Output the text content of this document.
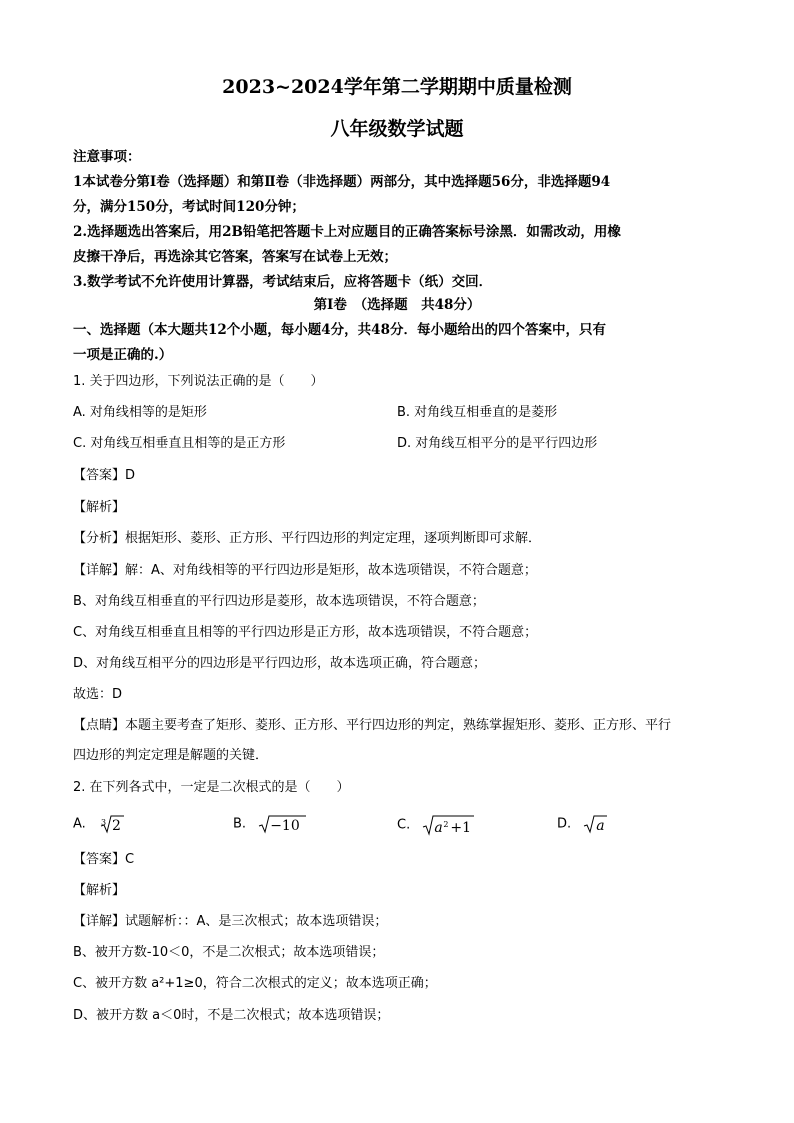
2023~2024学年第二学期期中质量检测
八年级数学试题
注意事项：
1本试卷分第Ⅰ卷（选择题）和第Ⅱ卷（非选择题）两部分，其中选择题56分，非选择题94
分，满分150分，考试时间120分钟；
2.选择题选出答案后，用2B铅笔把答题卡上对应题目的正确答案标号涂黑．如需改动，用橡
皮擦干净后，再选涂其它答案，答案写在试卷上无效；
3.数学考试不允许使用计算器，考试结束后，应将答题卡（纸）交回．
第Ⅰ卷　（选择题　共48分）
一、选择题（本大题共12个小题，每小题4分，共48分．每小题给出的四个答案中，只有
一项是正确的.）
1. 关于四边形，下列说法正确的是（　　）
A. 对角线相等的是矩形	B. 对角线互相垂直的是菱形
C. 对角线互相垂直且相等的是正方形	D. 对角线互相平分的是平行四边形
【答案】D
【解析】
【分析】根据矩形、菱形、正方形、平行四边形的判定定理，逐项判断即可求解．
【详解】解：A、对角线相等的平行四边形是矩形，故本选项错误，不符合题意；
B、对角线互相垂直的平行四边形是菱形，故本选项错误，不符合题意；
C、对角线互相垂直且相等的平行四边形是正方形，故本选项错误，不符合题意；
D、对角线互相平分的四边形是平行四边形，故本选项正确，符合题意；
故选：D
【点睛】本题主要考查了矩形、菱形、正方形、平行四边形的判定，熟练掌握矩形、菱形、正方形、平行
四边形的判定定理是解题的关键．
2. 在下列各式中，一定是二次根式的是（　　）
A. 3 2	B. −10	C. a 2 +1	D. a
【答案】C
【解析】
【详解】试题解析：：A、是三次根式；故本选项错误；
B、被开方数-10＜0，不是二次根式；故本选项错误；
C、被开方数 a²+1≥0，符合二次根式的定义；故本选项正确；
D、被开方数 a＜0时，不是二次根式；故本选项错误；
